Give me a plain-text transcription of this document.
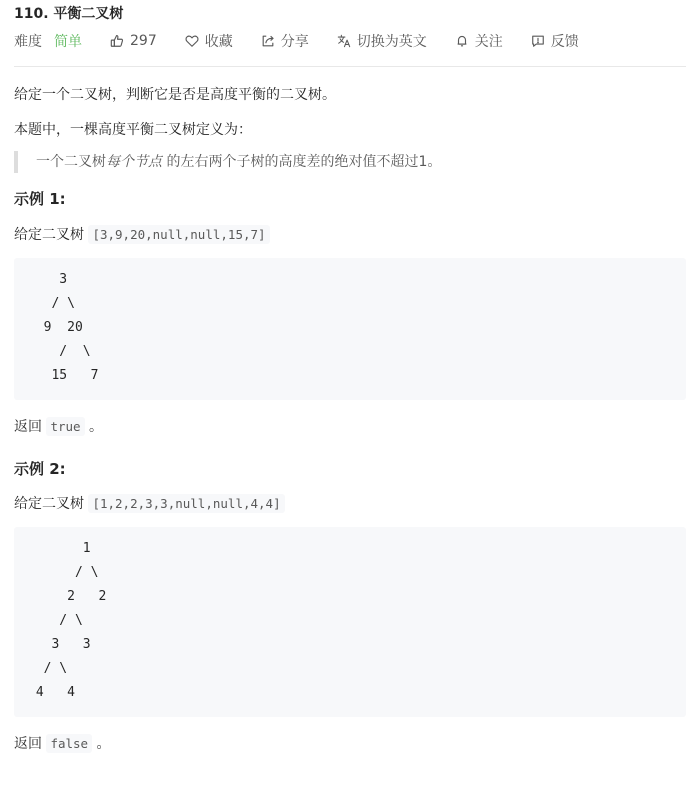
110. 平衡二叉树
难度 简单	297	收藏	分享	切换为英文	关注	反馈
给定一个二叉树，判断它是否是高度平衡的二叉树。
本题中，一棵高度平衡二叉树定义为：
一个二叉树每个节点 的左右两个子树的高度差的绝对值不超过1。
示例 1:
给定二叉树 [3,9,20,null,null,15,7]
3
/ \
9  20
/  \
15   7
返回 true 。
示例 2:
给定二叉树 [1,2,2,3,3,null,null,4,4]
1
/ \
2   2
/ \
3   3
/ \
4   4
返回 false 。
